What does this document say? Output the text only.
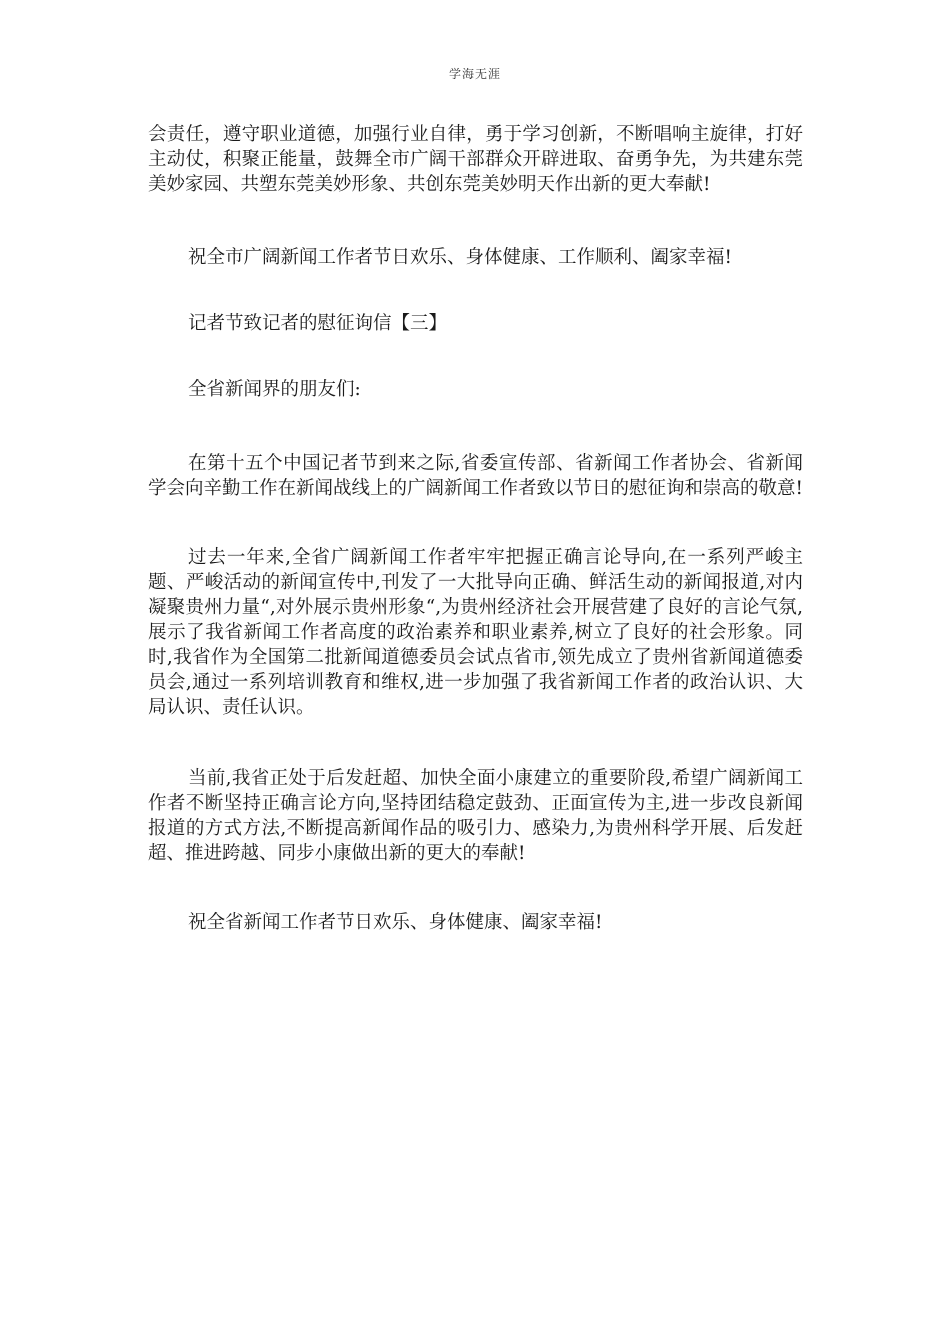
学海无涯

会责任，遵守职业道德，加强行业自律，勇于学习创新，不断唱响主旋律，打好主动仗，积聚正能量，鼓舞全市广阔干部群众开辟进取、奋勇争先，为共建东莞美妙家园、共塑东莞美妙形象、共创东莞美妙明天作出新的更大奉献!

祝全市广阔新闻工作者节日欢乐、身体健康、工作顺利、阖家幸福!

记者节致记者的慰征询信【三】

全省新闻界的朋友们:

在第十五个中国记者节到来之际,省委宣传部、省新闻工作者协会、省新闻学会向辛勤工作在新闻战线上的广阔新闻工作者致以节日的慰征询和崇高的敬意!

过去一年来,全省广阔新闻工作者牢牢把握正确言论导向,在一系列严峻主题、严峻活动的新闻宣传中,刊发了一大批导向正确、鲜活生动的新闻报道,对内凝聚贵州力量“,对外展示贵州形象“,为贵州经济社会开展营建了良好的言论气氛,展示了我省新闻工作者高度的政治素养和职业素养,树立了良好的社会形象。同时,我省作为全国第二批新闻道德委员会试点省市,领先成立了贵州省新闻道德委员会,通过一系列培训教育和维权,进一步加强了我省新闻工作者的政治认识、大局认识、责任认识。

当前,我省正处于后发赶超、加快全面小康建立的重要阶段,希望广阔新闻工作者不断坚持正确言论方向,坚持团结稳定鼓劲、正面宣传为主,进一步改良新闻报道的方式方法,不断提高新闻作品的吸引力、感染力,为贵州科学开展、后发赶超、推进跨越、同步小康做出新的更大的奉献!

祝全省新闻工作者节日欢乐、身体健康、阖家幸福!
